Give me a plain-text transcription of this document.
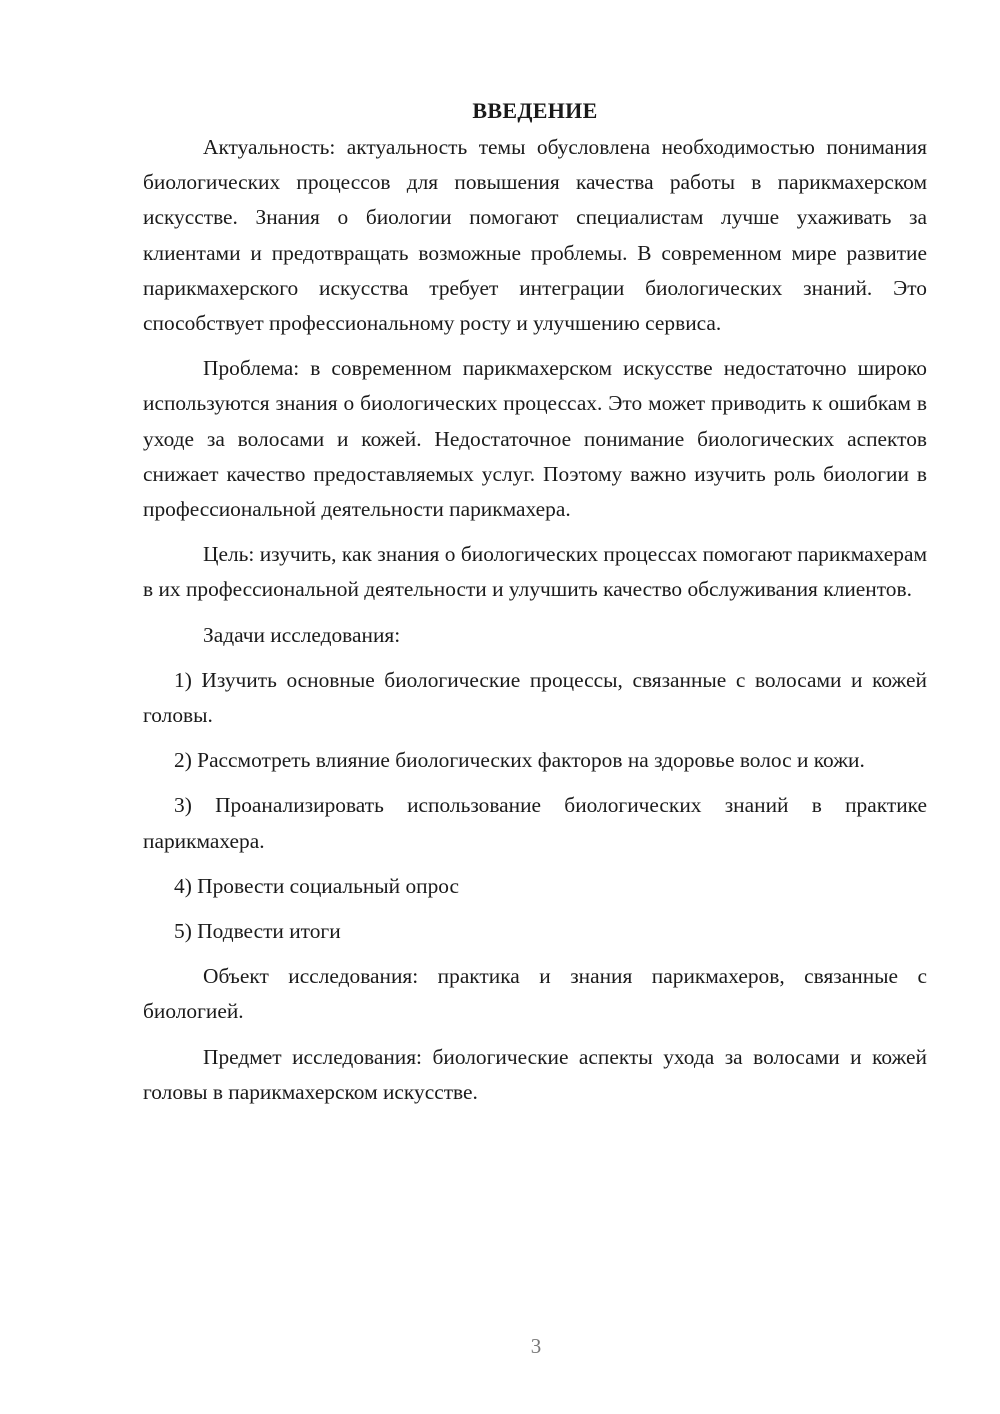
ВВЕДЕНИЕ

Актуальность: актуальность темы обусловлена необходимостью понимания биологических процессов для повышения качества работы в парикмахерском искусстве. Знания о биологии помогают специалистам лучше ухаживать за клиентами и предотвращать возможные проблемы. В современном мире развитие парикмахерского искусства требует интеграции биологических знаний. Это способствует профессиональному росту и улучшению сервиса.

Проблема: в современном парикмахерском искусстве недостаточно широко используются знания о биологических процессах. Это может приводить к ошибкам в уходе за волосами и кожей. Недостаточное понимание биологических аспектов снижает качество предоставляемых услуг. Поэтому важно изучить роль биологии в профессиональной деятельности парикмахера.

Цель: изучить, как знания о биологических процессах помогают парикмахерам в их профессиональной деятельности и улучшить качество обслуживания клиентов.

Задачи исследования:

1) Изучить основные биологические процессы, связанные с волосами и кожей головы.

2) Рассмотреть влияние биологических факторов на здоровье волос и кожи.

3) Проанализировать использование биологических знаний в практике парикмахера.

4) Провести социальный опрос

5) Подвести итоги

Объект исследования: практика и знания парикмахеров, связанные с биологией.

Предмет исследования: биологические аспекты ухода за волосами и кожей головы в парикмахерском искусстве.

3
